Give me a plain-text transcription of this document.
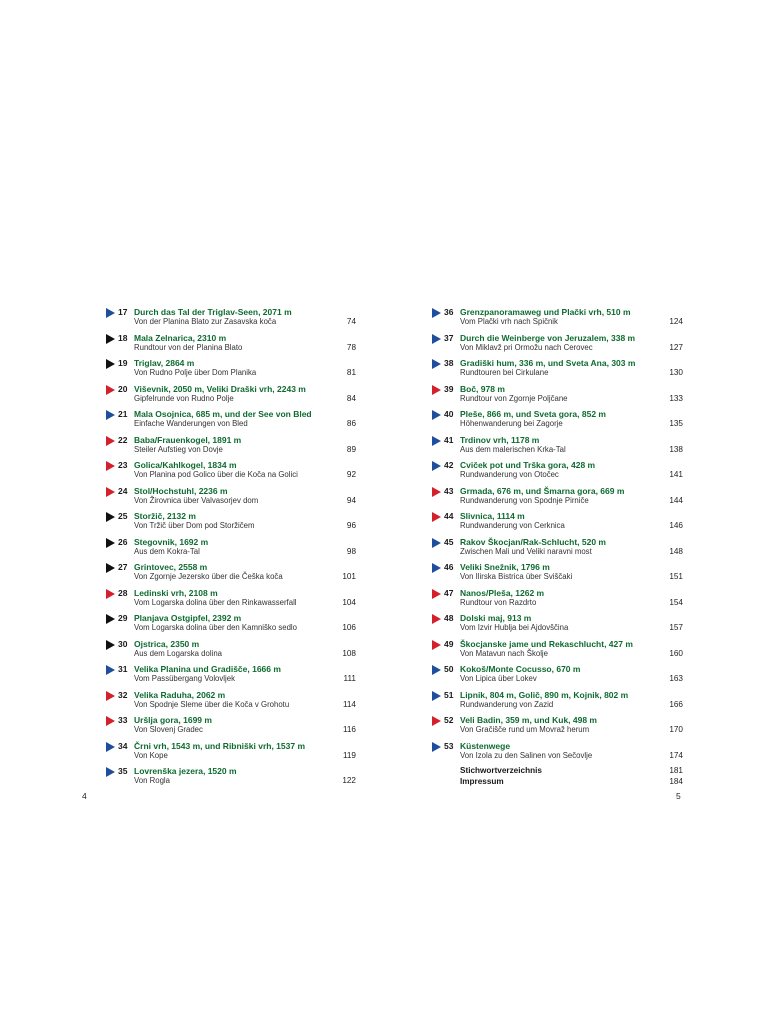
17 Durch das Tal der Triglav-Seen, 2071 m
Von der Planina Blato zur Zasavska koča	74
18 Mala Zelnarica, 2310 m
Rundtour von der Planina Blato	78
19 Triglav, 2864 m
Von Rudno Polje über Dom Planika	81
20 Viševnik, 2050 m, Veliki Draški vrh, 2243 m
Gipfelrunde von Rudno Polje	84
21 Mala Osojnica, 685 m, und der See von Bled
Einfache Wanderungen von Bled	86
22 Baba/Frauenkogel, 1891 m
Steiler Aufstieg von Dovje	89
23 Golica/Kahlkogel, 1834 m
Von Planina pod Golico über die Koča na Golici	92
24 Stol/Hochstuhl, 2236 m
Von Žirovnica über Valvasorjev dom	94
25 Storžič, 2132 m
Von Tržič über Dom pod Storžičem	96
26 Stegovnik, 1692 m
Aus dem Kokra-Tal	98
27 Grintovec, 2558 m
Von Zgornje Jezersko über die Češka koča	101
28 Ledinski vrh, 2108 m
Vom Logarska dolina über den Rinkawasserfall	104
29 Planjava Ostgipfel, 2392 m
Vom Logarska dolina über den Kamniško sedlo	106
30 Ojstrica, 2350 m
Aus dem Logarska dolina	108
31 Velika Planina und Gradišče, 1666 m
Vom Passübergang Volovljek	111
32 Velika Raduha, 2062 m
Von Spodnje Sleme über die Koča v Grohotu	114
33 Uršlja gora, 1699 m
Von Slovenj Gradec	116
34 Črni vrh, 1543 m, und Ribniški vrh, 1537 m
Von Kope	119
35 Lovrenška jezera, 1520 m
Von Rogla	122
36 Grenzpanoramaweg und Plački vrh, 510 m
Vom Plački vrh nach Spičnik	124
37 Durch die Weinberge von Jeruzalem, 338 m
Von Miklavž pri Ormožu nach Cerovec	127
38 Gradiški hum, 336 m, und Sveta Ana, 303 m
Rundtouren bei Cirkulane	130
39 Boč, 978 m
Rundtour von Zgornje Poljčane	133
40 Pleše, 866 m, und Sveta gora, 852 m
Höhenwanderung bei Zagorje	135
41 Trdinov vrh, 1178 m
Aus dem malerischen Krka-Tal	138
42 Cviček pot und Trška gora, 428 m
Rundwanderung von Otočec	141
43 Grmada, 676 m, und Šmarna gora, 669 m
Rundwanderung von Spodnje Pirniče	144
44 Slivnica, 1114 m
Rundwanderung von Cerknica	146
45 Rakov Škocjan/Rak-Schlucht, 520 m
Zwischen Mali und Veliki naravni most	148
46 Veliki Snežnik, 1796 m
Von Ilirska Bistrica über Sviščaki	151
47 Nanos/Pleša, 1262 m
Rundtour von Razdrto	154
48 Dolski maj, 913 m
Vom Izvir Hublja bei Ajdovščina	157
49 Škocjanske jame und Rekaschlucht, 427 m
Von Matavun nach Školje	160
50 Kokoš/Monte Cocusso, 670 m
Von Lipica über Lokev	163
51 Lipnik, 804 m, Golič, 890 m, Kojnik, 802 m
Rundwanderung von Zazid	166
52 Veli Badin, 359 m, und Kuk, 498 m
Von Gračišče rund um Movraž herum	170
53 Küstenwege
Von Izola zu den Salinen von Sečovlje	174
Stichwortverzeichnis	181
Impressum	184
4	5
